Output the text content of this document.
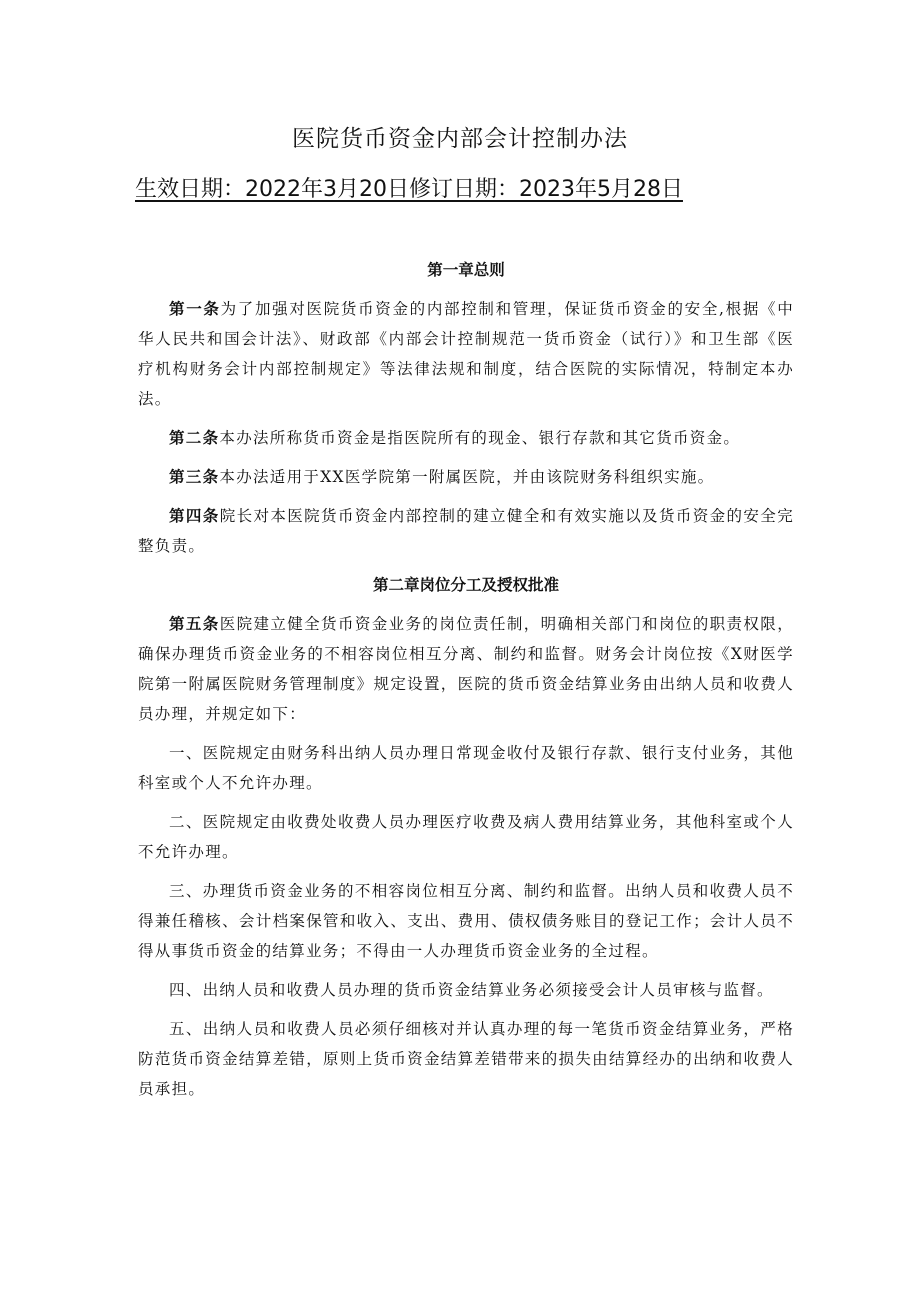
医院货币资金内部会计控制办法
生效日期：2022年3月20日修订日期：2023年5月28日
第一章总则

第一条为了加强对医院货币资金的内部控制和管理，保证货币资金的安全,根据《中华人民共和国会计法》、财政部《内部会计控制规范一货币资金（试行）》和卫生部《医疗机构财务会计内部控制规定》等法律法规和制度，结合医院的实际情况，特制定本办法。

第二条本办法所称货币资金是指医院所有的现金、银行存款和其它货币资金。

第三条本办法适用于XX医学院第一附属医院，并由该院财务科组织实施。

第四条院长对本医院货币资金内部控制的建立健全和有效实施以及货币资金的安全完整负责。

第二章岗位分工及授权批准

第五条医院建立健全货币资金业务的岗位责任制，明确相关部门和岗位的职责权限，确保办理货币资金业务的不相容岗位相互分离、制约和监督。财务会计岗位按《X财医学院第一附属医院财务管理制度》规定设置，医院的货币资金结算业务由出纳人员和收费人员办理，并规定如下：

一、医院规定由财务科出纳人员办理日常现金收付及银行存款、银行支付业务，其他科室或个人不允许办理。

二、医院规定由收费处收费人员办理医疗收费及病人费用结算业务，其他科室或个人不允许办理。

三、办理货币资金业务的不相容岗位相互分离、制约和监督。出纳人员和收费人员不得兼任稽核、会计档案保管和收入、支出、费用、债权债务账目的登记工作；会计人员不得从事货币资金的结算业务；不得由一人办理货币资金业务的全过程。

四、出纳人员和收费人员办理的货币资金结算业务必须接受会计人员审核与监督。

五、出纳人员和收费人员必须仔细核对并认真办理的每一笔货币资金结算业务，严格防范货币资金结算差错，原则上货币资金结算差错带来的损失由结算经办的出纳和收费人员承担。
